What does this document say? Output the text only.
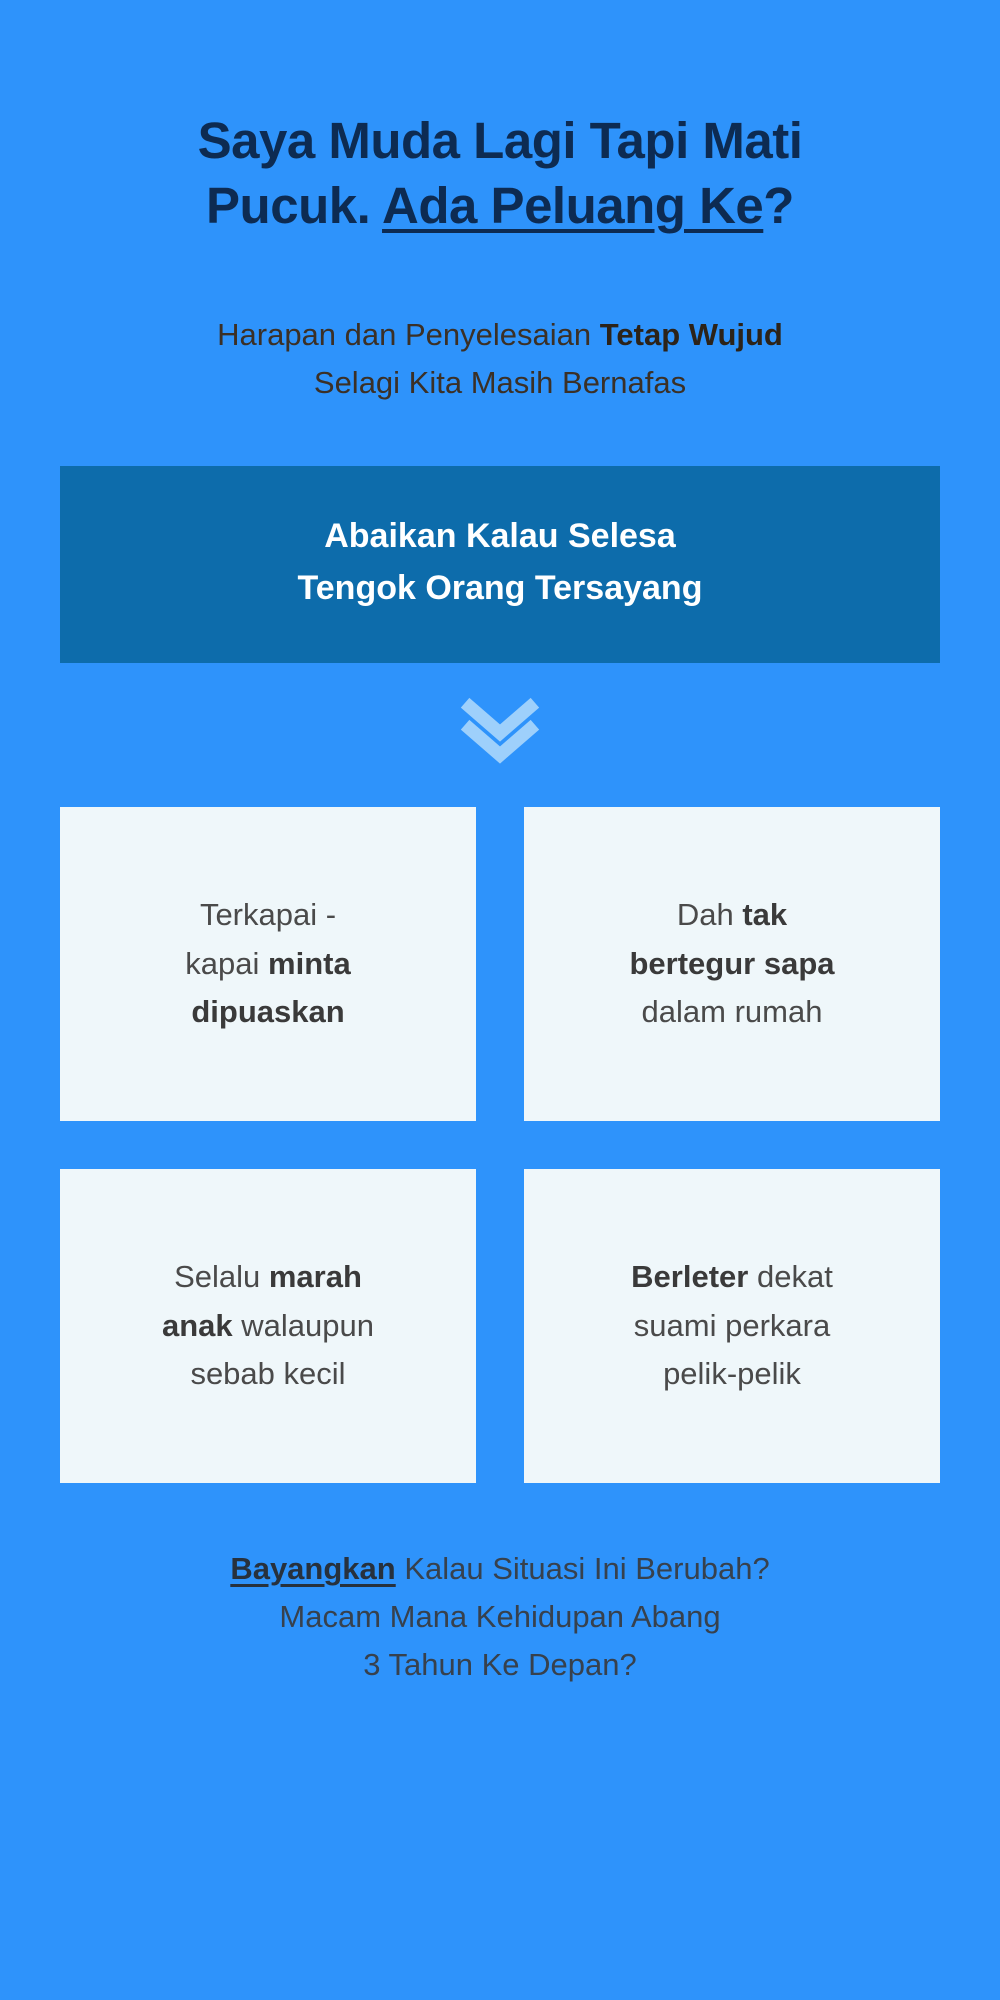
Saya Muda Lagi Tapi Mati
Pucuk. Ada Peluang Ke?

Harapan dan Penyelesaian Tetap Wujud
Selagi Kita Masih Bernafas

Abaikan Kalau Selesa
Tengok Orang Tersayang

Terkapai -
kapai minta
dipuaskan

Dah tak
bertegur sapa
dalam rumah

Selalu marah
anak walaupun
sebab kecil

Berleter dekat
suami perkara
pelik-pelik

Bayangkan Kalau Situasi Ini Berubah?
Macam Mana Kehidupan Abang
3 Tahun Ke Depan?
